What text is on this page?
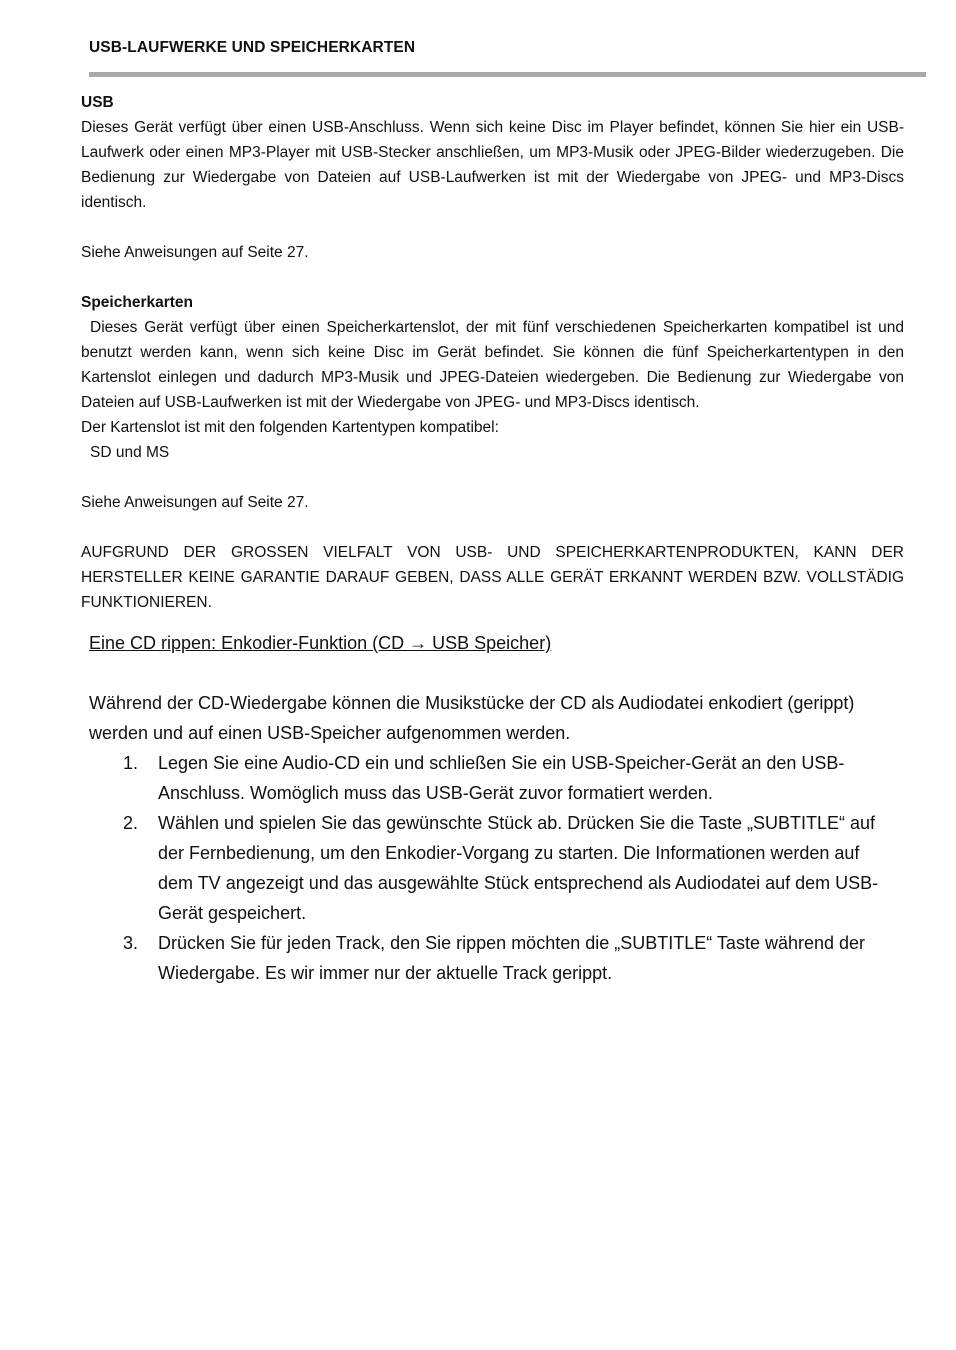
USB-LAUFWERKE UND SPEICHERKARTEN
USB

Dieses Gerät verfügt über einen USB-Anschluss. Wenn sich keine Disc im Player befindet, können Sie hier ein USB-Laufwerk oder einen MP3-Player mit USB-Stecker anschließen, um MP3-Musik oder JPEG-Bilder wiederzugeben. Die Bedienung zur Wiedergabe von Dateien auf USB-Laufwerken ist mit der Wiedergabe von JPEG- und MP3-Discs identisch.

Siehe Anweisungen auf Seite 27.

Speicherkarten

Dieses Gerät verfügt über einen Speicherkartenslot, der mit fünf verschiedenen Speicherkarten kompatibel ist und benutzt werden kann, wenn sich keine Disc im Gerät befindet. Sie können die fünf Speicherkartentypen in den Kartenslot einlegen und dadurch MP3-Musik und JPEG-Dateien wiedergeben. Die Bedienung zur Wiedergabe von Dateien auf USB-Laufwerken ist mit der Wiedergabe von JPEG- und MP3-Discs identisch.

Der Kartenslot ist mit den folgenden Kartentypen kompatibel:

SD und MS

Siehe Anweisungen auf Seite 27.

AUFGRUND DER GROSSEN VIELFALT VON USB- UND SPEICHERKARTENPRODUKTEN, KANN DER HERSTELLER KEINE GARANTIE DARAUF GEBEN, DASS ALLE GERÄT ERKANNT WERDEN BZW. VOLLSTÄDIG FUNKTIONIEREN.

Eine CD rippen: Enkodier-Funktion (CD → USB Speicher)
Während der CD-Wiedergabe können die Musikstücke der CD als Audiodatei enkodiert (gerippt) werden und auf einen USB-Speicher aufgenommen werden.
1. Legen Sie eine Audio-CD ein und schließen Sie ein USB-Speicher-Gerät an den USB-Anschluss. Womöglich muss das USB-Gerät zuvor formatiert werden.
2. Wählen und spielen Sie das gewünschte Stück ab. Drücken Sie die Taste „SUBTITLE“ auf der Fernbedienung, um den Enkodier-Vorgang zu starten. Die Informationen werden auf dem TV angezeigt und das ausgewählte Stück entsprechend als Audiodatei auf dem USB-Gerät gespeichert.
3. Drücken Sie für jeden Track, den Sie rippen möchten die „SUBTITLE“ Taste während der Wiedergabe. Es wir immer nur der aktuelle Track gerippt.
